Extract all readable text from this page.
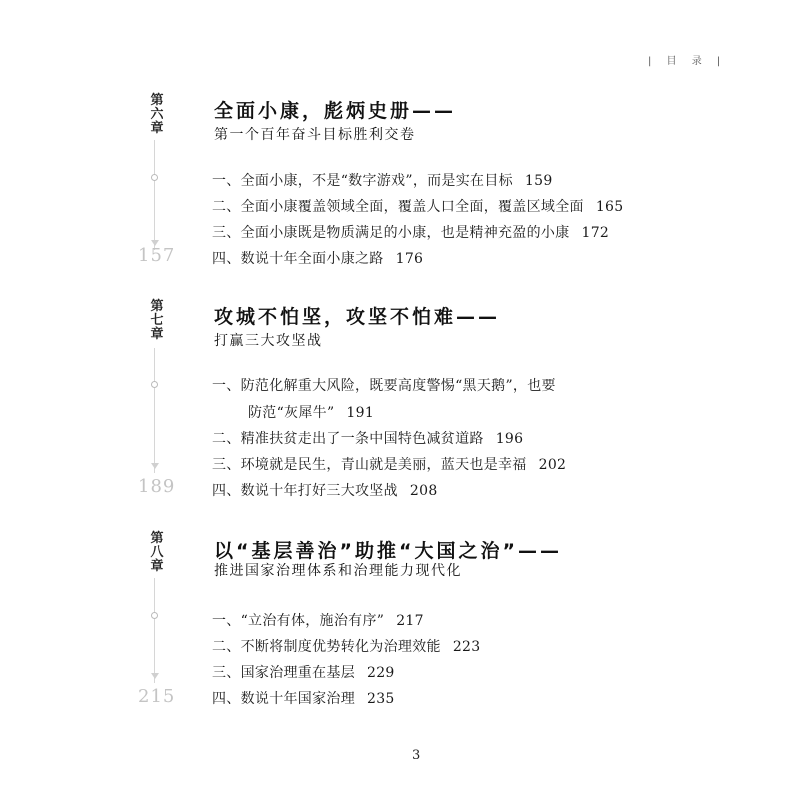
| 目 录 |
第
六
章
全面小康，彪炳史册——
第一个百年奋斗目标胜利交卷
157
一、全面小康，不是“数字游戏”，而是实在目标 159
二、全面小康覆盖领域全面，覆盖人口全面，覆盖区域全面 165
三、全面小康既是物质满足的小康，也是精神充盈的小康 172
四、数说十年全面小康之路 176
第
七
章
攻城不怕坚，攻坚不怕难——
打赢三大攻坚战
189
一、防范化解重大风险，既要高度警惕“黑天鹅”，也要
防范“灰犀牛” 191
二、精准扶贫走出了一条中国特色减贫道路 196
三、环境就是民生，青山就是美丽，蓝天也是幸福 202
四、数说十年打好三大攻坚战 208
第
八
章
以“基层善治”助推“大国之治”——
推进国家治理体系和治理能力现代化
215
一、“立治有体，施治有序” 217
二、不断将制度优势转化为治理效能 223
三、国家治理重在基层 229
四、数说十年国家治理 235
3
